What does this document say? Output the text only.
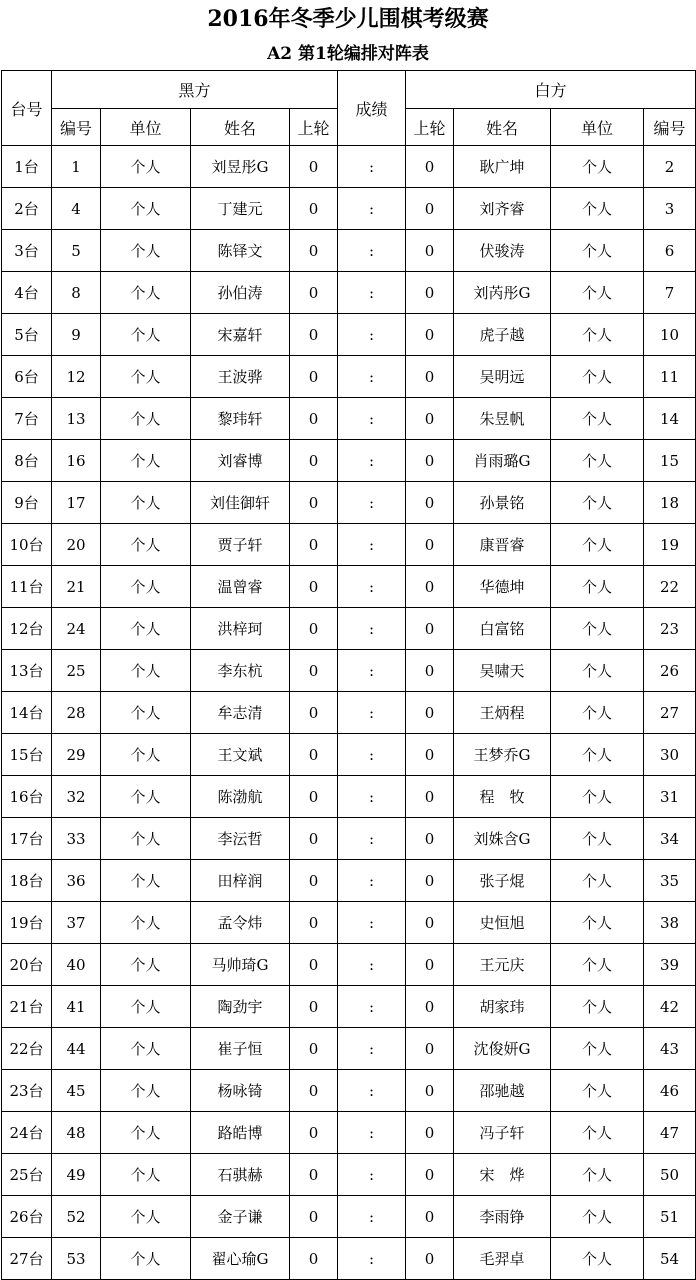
2016年冬季少儿围棋考级赛
A2 第1轮编排对阵表
台号	黑方				成绩	白方			
	编号	单位	姓名	上轮		上轮	姓名	单位	编号
1台	1	个人	刘昱彤G	0	:	0	耿广坤	个人	2
2台	4	个人	丁建元	0	:	0	刘齐睿	个人	3
3台	5	个人	陈铎文	0	:	0	伏骏涛	个人	6
4台	8	个人	孙伯涛	0	:	0	刘芮彤G	个人	7
5台	9	个人	宋嘉轩	0	:	0	虎子越	个人	10
6台	12	个人	王波骅	0	:	0	吴明远	个人	11
7台	13	个人	黎玮轩	0	:	0	朱昱帆	个人	14
8台	16	个人	刘睿博	0	:	0	肖雨璐G	个人	15
9台	17	个人	刘佳御轩	0	:	0	孙景铭	个人	18
10台	20	个人	贾子轩	0	:	0	康晋睿	个人	19
11台	21	个人	温曾睿	0	:	0	华德坤	个人	22
12台	24	个人	洪梓珂	0	:	0	白富铭	个人	23
13台	25	个人	李东杭	0	:	0	吴啸天	个人	26
14台	28	个人	牟志清	0	:	0	王炳程	个人	27
15台	29	个人	王文斌	0	:	0	王梦乔G	个人	30
16台	32	个人	陈渤航	0	:	0	程　牧	个人	31
17台	33	个人	李沄哲	0	:	0	刘姝含G	个人	34
18台	36	个人	田梓润	0	:	0	张子焜	个人	35
19台	37	个人	孟令炜	0	:	0	史恒旭	个人	38
20台	40	个人	马帅琦G	0	:	0	王元庆	个人	39
21台	41	个人	陶劲宇	0	:	0	胡家玮	个人	42
22台	44	个人	崔子恒	0	:	0	沈俊妍G	个人	43
23台	45	个人	杨咏锜	0	:	0	邵驰越	个人	46
24台	48	个人	路皓博	0	:	0	冯子轩	个人	47
25台	49	个人	石骐赫	0	:	0	宋　烨	个人	50
26台	52	个人	金子谦	0	:	0	李雨铮	个人	51
27台	53	个人	翟心瑜G	0	:	0	毛羿卓	个人	54
